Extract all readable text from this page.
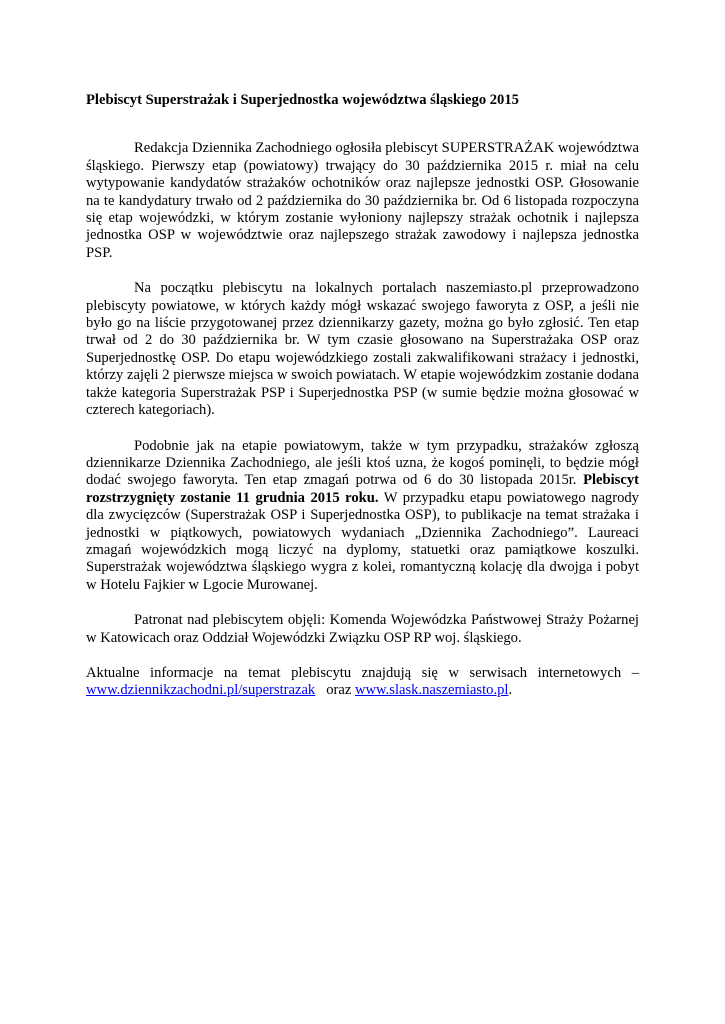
Plebiscyt Superstrażak i Superjednostka województwa śląskiego 2015

Redakcja Dziennika Zachodniego ogłosiła plebiscyt SUPERSTRAŻAK województwa śląskiego. Pierwszy etap (powiatowy) trwający do 30 października 2015 r. miał na celu wytypowanie kandydatów strażaków ochotników oraz najlepsze jednostki OSP. Głosowanie na te kandydatury trwało od 2 października do 30 października br. Od 6 listopada rozpoczyna się etap wojewódzki, w którym zostanie wyłoniony najlepszy strażak ochotnik i najlepsza jednostka OSP w województwie oraz najlepszego strażak zawodowy i najlepsza jednostka PSP.

Na początku plebiscytu na lokalnych portalach naszemiasto.pl przeprowadzono plebiscyty powiatowe, w których każdy mógł wskazać swojego faworyta z OSP, a jeśli nie było go na liście przygotowanej przez dziennikarzy gazety, można go było zgłosić. Ten etap trwał od 2 do 30 października br. W tym czasie głosowano na Superstrażaka OSP oraz Superjednostkę OSP. Do etapu wojewódzkiego zostali zakwalifikowani strażacy i jednostki, którzy zajęli 2 pierwsze miejsca w swoich powiatach. W etapie wojewódzkim zostanie dodana także kategoria Superstrażak PSP i Superjednostka PSP (w sumie będzie można głosować w czterech kategoriach).

Podobnie jak na etapie powiatowym, także w tym przypadku, strażaków zgłoszą dziennikarze Dziennika Zachodniego, ale jeśli ktoś uzna, że kogoś pominęli, to będzie mógł dodać swojego faworyta. Ten etap zmagań potrwa od 6 do 30 listopada 2015r. Plebiscyt rozstrzygnięty zostanie 11 grudnia 2015 roku. W przypadku etapu powiatowego nagrody dla zwycięzców (Superstrażak OSP i Superjednostka OSP), to publikacje na temat strażaka i jednostki w piątkowych, powiatowych wydaniach „Dziennika Zachodniego”. Laureaci zmagań wojewódzkich mogą liczyć na dyplomy, statuetki oraz pamiątkowe koszulki. Superstrażak województwa śląskiego wygra z kolei, romantyczną kolację dla dwojga i pobyt w Hotelu Fajkier w Lgocie Murowanej.

Patronat nad plebiscytem objęli: Komenda Wojewódzka Państwowej Straży Pożarnej w Katowicach oraz Oddział Wojewódzki Związku OSP RP woj. śląskiego.

Aktualne informacje na temat plebiscytu znajdują się w serwisach internetowych – www.dziennikzachodni.pl/superstrazak oraz www.slask.naszemiasto.pl.
